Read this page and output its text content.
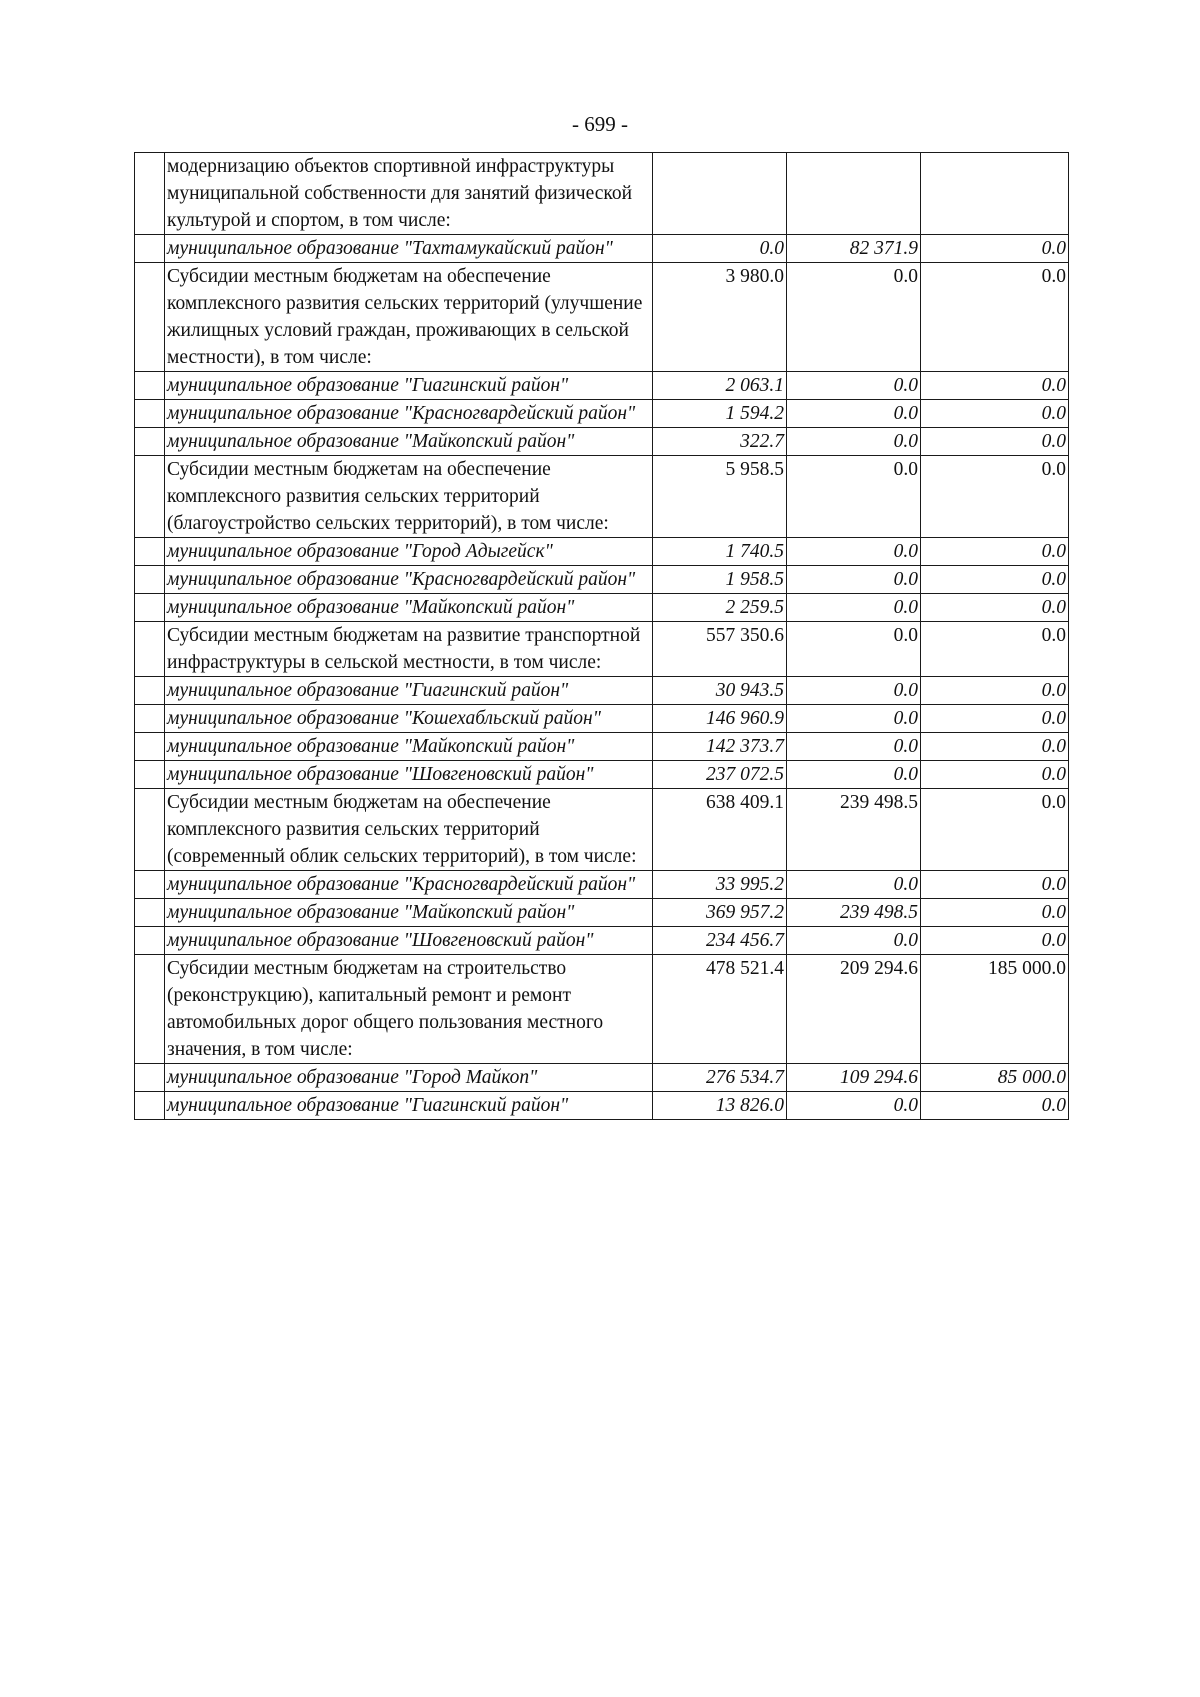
- 699 -
	модернизацию объектов спортивной инфраструктуры муниципальной собственности для занятий физической культурой и спортом, в том числе:			
	муниципальное образование "Тахтамукайский район"	0.0	82 371.9	0.0
	Субсидии местным бюджетам на обеспечение комплексного развития сельских территорий (улучшение жилищных условий граждан, проживающих в сельской местности), в том числе:	3 980.0	0.0	0.0
	муниципальное образование "Гиагинский район"	2 063.1	0.0	0.0
	муниципальное образование "Красногвардейский район"	1 594.2	0.0	0.0
	муниципальное образование "Майкопский район"	322.7	0.0	0.0
	Субсидии местным бюджетам на обеспечение комплексного развития сельских территорий (благоустройство сельских территорий), в том числе:	5 958.5	0.0	0.0
	муниципальное образование "Город Адыгейск"	1 740.5	0.0	0.0
	муниципальное образование "Красногвардейский район"	1 958.5	0.0	0.0
	муниципальное образование "Майкопский район"	2 259.5	0.0	0.0
	Субсидии местным бюджетам на развитие транспортной инфраструктуры в сельской местности, в том числе:	557 350.6	0.0	0.0
	муниципальное образование "Гиагинский район"	30 943.5	0.0	0.0
	муниципальное образование "Кошехабльский район"	146 960.9	0.0	0.0
	муниципальное образование "Майкопский район"	142 373.7	0.0	0.0
	муниципальное образование "Шовгеновский район"	237 072.5	0.0	0.0
	Субсидии местным бюджетам на обеспечение комплексного развития сельских территорий (современный облик сельских территорий), в том числе:	638 409.1	239 498.5	0.0
	муниципальное образование "Красногвардейский район"	33 995.2	0.0	0.0
	муниципальное образование "Майкопский район"	369 957.2	239 498.5	0.0
	муниципальное образование "Шовгеновский район"	234 456.7	0.0	0.0
	Субсидии местным бюджетам на строительство (реконструкцию), капитальный ремонт и ремонт автомобильных дорог общего пользования местного значения, в том числе:	478 521.4	209 294.6	185 000.0
	муниципальное образование "Город Майкоп"	276 534.7	109 294.6	85 000.0
	муниципальное образование "Гиагинский район"	13 826.0	0.0	0.0
